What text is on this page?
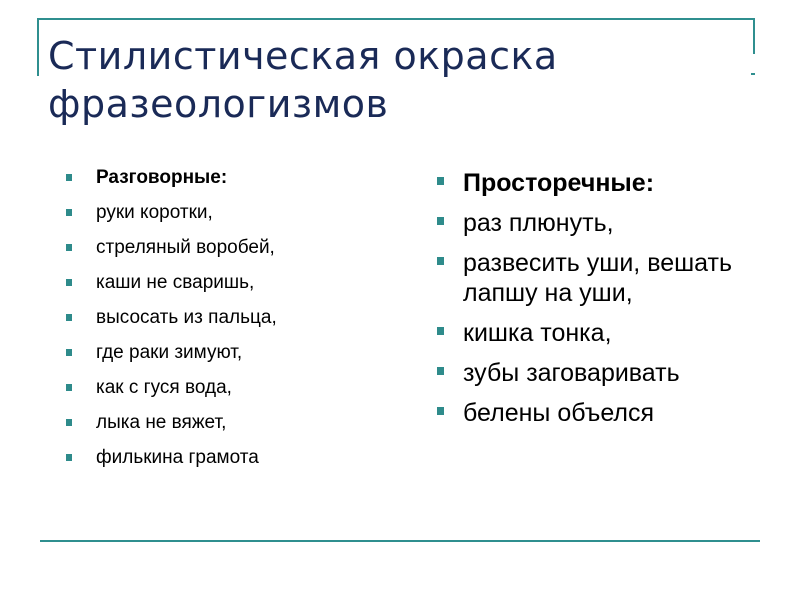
Стилистическая окраска
фразеологизмов
Разговорные:
руки коротки,
стреляный воробей,
каши не сваришь,
высосать из пальца,
где раки зимуют,
как с гуся вода,
лыка не вяжет,
филькина грамота
Просторечные:
раз плюнуть,
развесить уши, вешать лапшу на уши,
кишка тонка,
зубы заговаривать
белены объелся
